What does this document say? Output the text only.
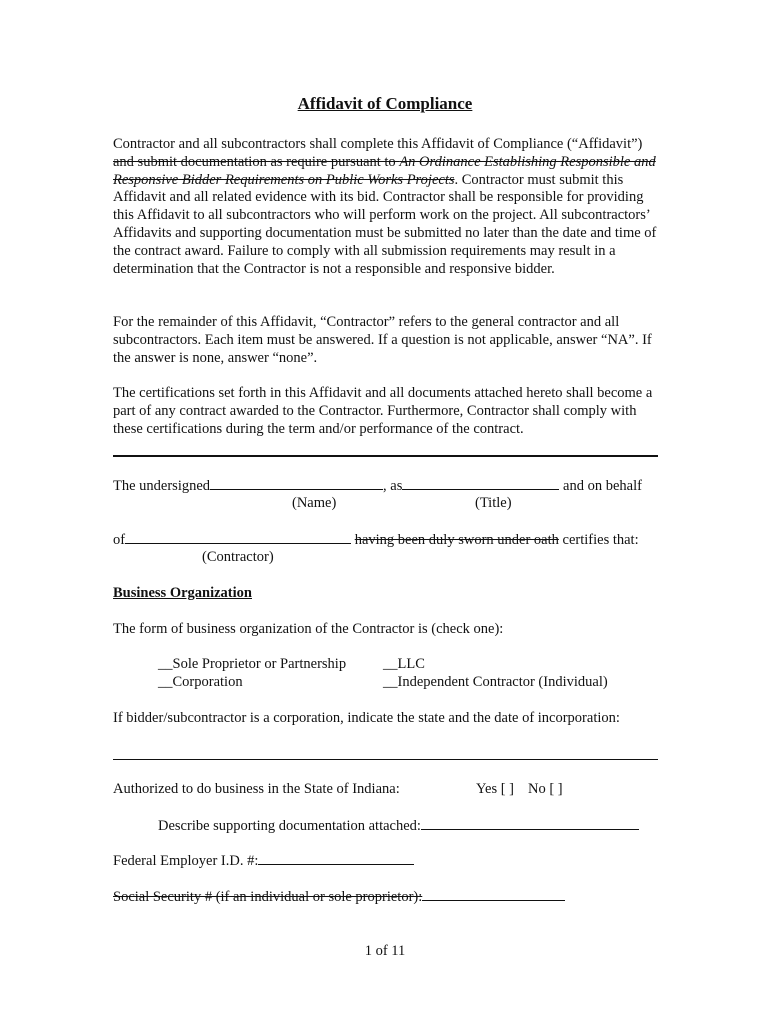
Affidavit of Compliance
Contractor and all subcontractors shall complete this Affidavit of Compliance (“Affidavit”) and submit documentation as require pursuant to An Ordinance Establishing Responsible and Responsive Bidder Requirements on Public Works Projects. Contractor must submit this Affidavit and all related evidence with its bid. Contractor shall be responsible for providing this Affidavit to all subcontractors who will perform work on the project. All subcontractors’ Affidavits and supporting documentation must be submitted no later than the date and time of the contract award. Failure to comply with all submission requirements may result in a determination that the Contractor is not a responsible and responsive bidder.
For the remainder of this Affidavit, “Contractor” refers to the general contractor and all subcontractors. Each item must be answered. If a question is not applicable, answer “NA”. If the answer is none, answer “none”.
The certifications set forth in this Affidavit and all documents attached hereto shall become a part of any contract awarded to the Contractor. Furthermore, Contractor shall comply with these certifications during the term and/or performance of the contract.
The undersigned	, as	and on behalf
(Name)	(Title)
of	having been duly sworn under oath certifies that:
(Contractor)
Business Organization
The form of business organization of the Contractor is (check one):
__Sole Proprietor or Partnership
__Corporation
__LLC
__Independent Contractor (Individual)
If bidder/subcontractor is a corporation, indicate the state and the date of incorporation:
Authorized to do business in the State of Indiana:	Yes [ ] No [ ]
Describe supporting documentation attached:
Federal Employer I.D. #:
Social Security # (if an individual or sole proprietor):
1 of 11
